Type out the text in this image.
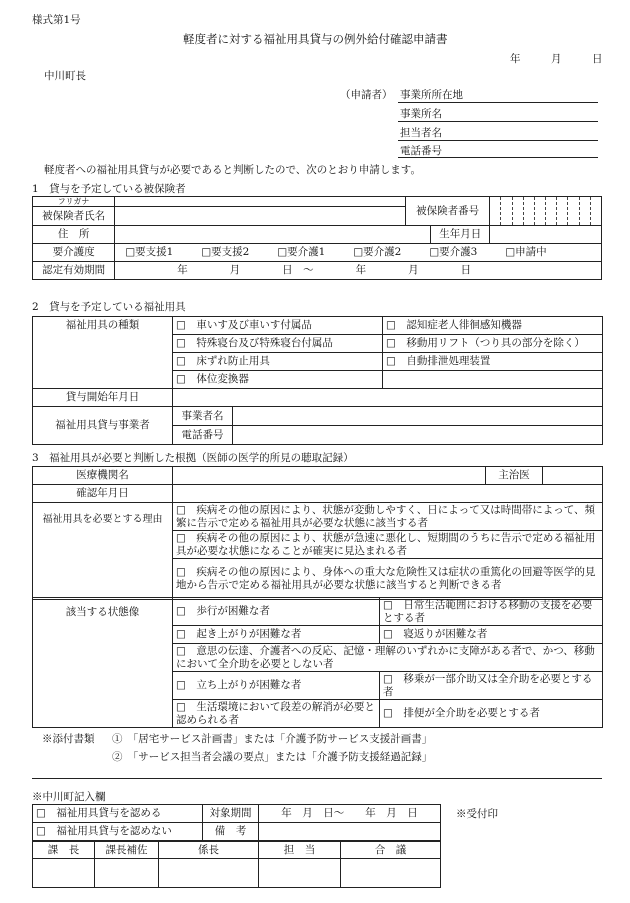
様式第1号
軽度者に対する福祉用具貸与の例外給付確認申請書
年	月	日
中川町長
（申請者） 事業所所在地
事業所名
担当者名
電話番号
軽度者への福祉用具貸与が必要であると判断したので、次のとおり申請します。
1　貸与を予定している被保険者
フリガナ		被保険者番号		

被保険者氏名				
住　所			生年月日	
要介護度	□要支援1 □要支援2 □要介護1 □要介護2 □要介護3 □申請中			
認定有効期間	年　　　　月　　　　日　～　　　　年　　　　月　　　　日			
2　貸与を予定している福祉用具
福祉用具の種類	□　車いす及び車いす付属品		□　認知症老人徘徊感知機器
	□　特殊寝台及び特殊寝台付属品		□　移動用リフト（つり具の部分を除く）
	□　床ずれ防止用具		□　自動排泄処理装置
	□　体位変換器		
貸与開始年月日			
福祉用具貸与事業者	事業者名		
	電話番号		
3　福祉用具が必要と判断した根拠（医師の医学的所見の聴取記録）
医療機関名	主治医	

確認年月日		
福祉用具を必要とする理由	□　疾病その他の原因により、状態が変動しやすく、日によって又は時間帯によって、頻繁に告示で定める福祉用具が必要な状態に該当する者	
	□　疾病その他の原因により、状態が急速に悪化し、短期間のうちに告示で定める福祉用具が必要な状態になることが確実に見込まれる者	
	□　疾病その他の原因により、身体への重大な危険性又は症状の重篤化の回避等医学的見地から告示で定める福祉用具が必要な状態に該当すると判断できる者	
該当する状態像	□　歩行が困難な者	□　日常生活範囲における移動の支援を必要とする者
	□　起き上がりが困難な者	□　寝返りが困難な者
	□　意思の伝達、介護者への反応、記憶・理解のいずれかに支障がある者で、かつ、移動において全介助を必要としない者	
	□　立ち上がりが困難な者	□　移乗が一部介助又は全介助を必要とする者
	□　生活環境において段差の解消が必要と認められる者	□　排便が全介助を必要とする者
※添付書類 ①　「居宅サービス計画書」または「介護予防サービス支援計画書」
②　「サービス担当者会議の要点」または「介護予防支援経過記録」
※中川町記入欄
□　福祉用具貸与を認める	対象期間	年　月　日～　　年　月　日
□　福祉用具貸与を認めない	備　考	
※受付印
課　長	課長補佐	係長	担　当	合　議
